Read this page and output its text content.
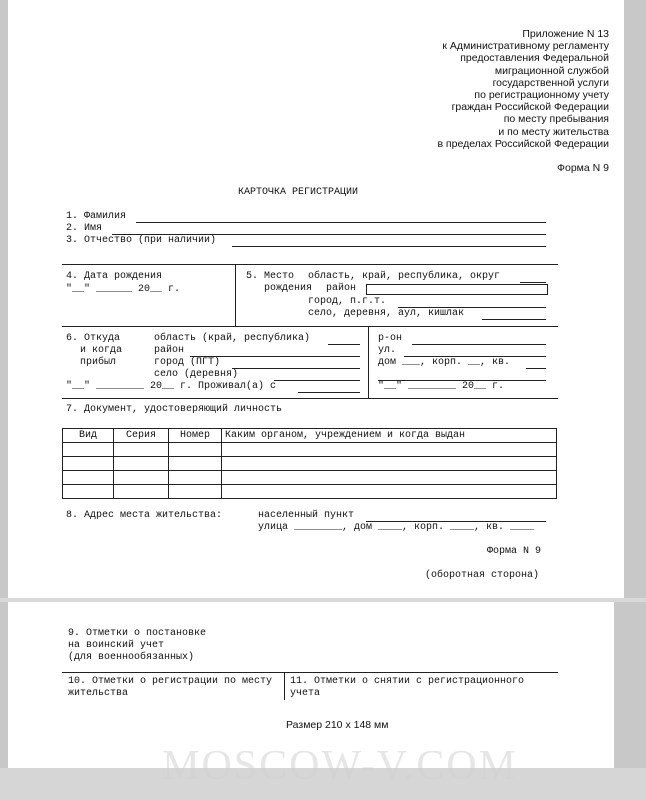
Приложение N 13
к Административному регламенту
предоставления Федеральной
миграционной службой
государственной услуги
по регистрационному учету
граждан Российской Федерации
по месту пребывания
и по месту жительства
в пределах Российской Федерации
Форма N 9
КАРТОЧКА РЕГИСТРАЦИИ
1. Фамилия
2. Имя
3. Отчество (при наличии)
4. Дата рождения
"__" ______ 20__ г.
5. Место область, край, республика, округ
рождения район
город, п.г.т.
село, деревня, аул, кишлак
6. Откуда
и когда
прибыл
область (край, республика)
район
город (ПГТ)
село (деревня)
"__" ________ 20__ г. Проживал(а) с
р-он
ул.
дом ___, корп. __, кв.
"__" ________ 20__ г.
7. Документ, удостоверяющий личность
Вид	Серия	Номер	Каким органом, учреждением и когда выдан

8. Адрес места жительства:	населенный пункт
улица ________, дом ____, корп. ____, кв. ____
Форма N 9
(оборотная сторона)
9. Отметки о постановке
на воинский учет
(для военнообязанных)
10. Отметки о регистрации по месту жительства
11. Отметки о снятии с регистрационного учета
Размер 210 x 148 мм
MOSCOW-V.COM
